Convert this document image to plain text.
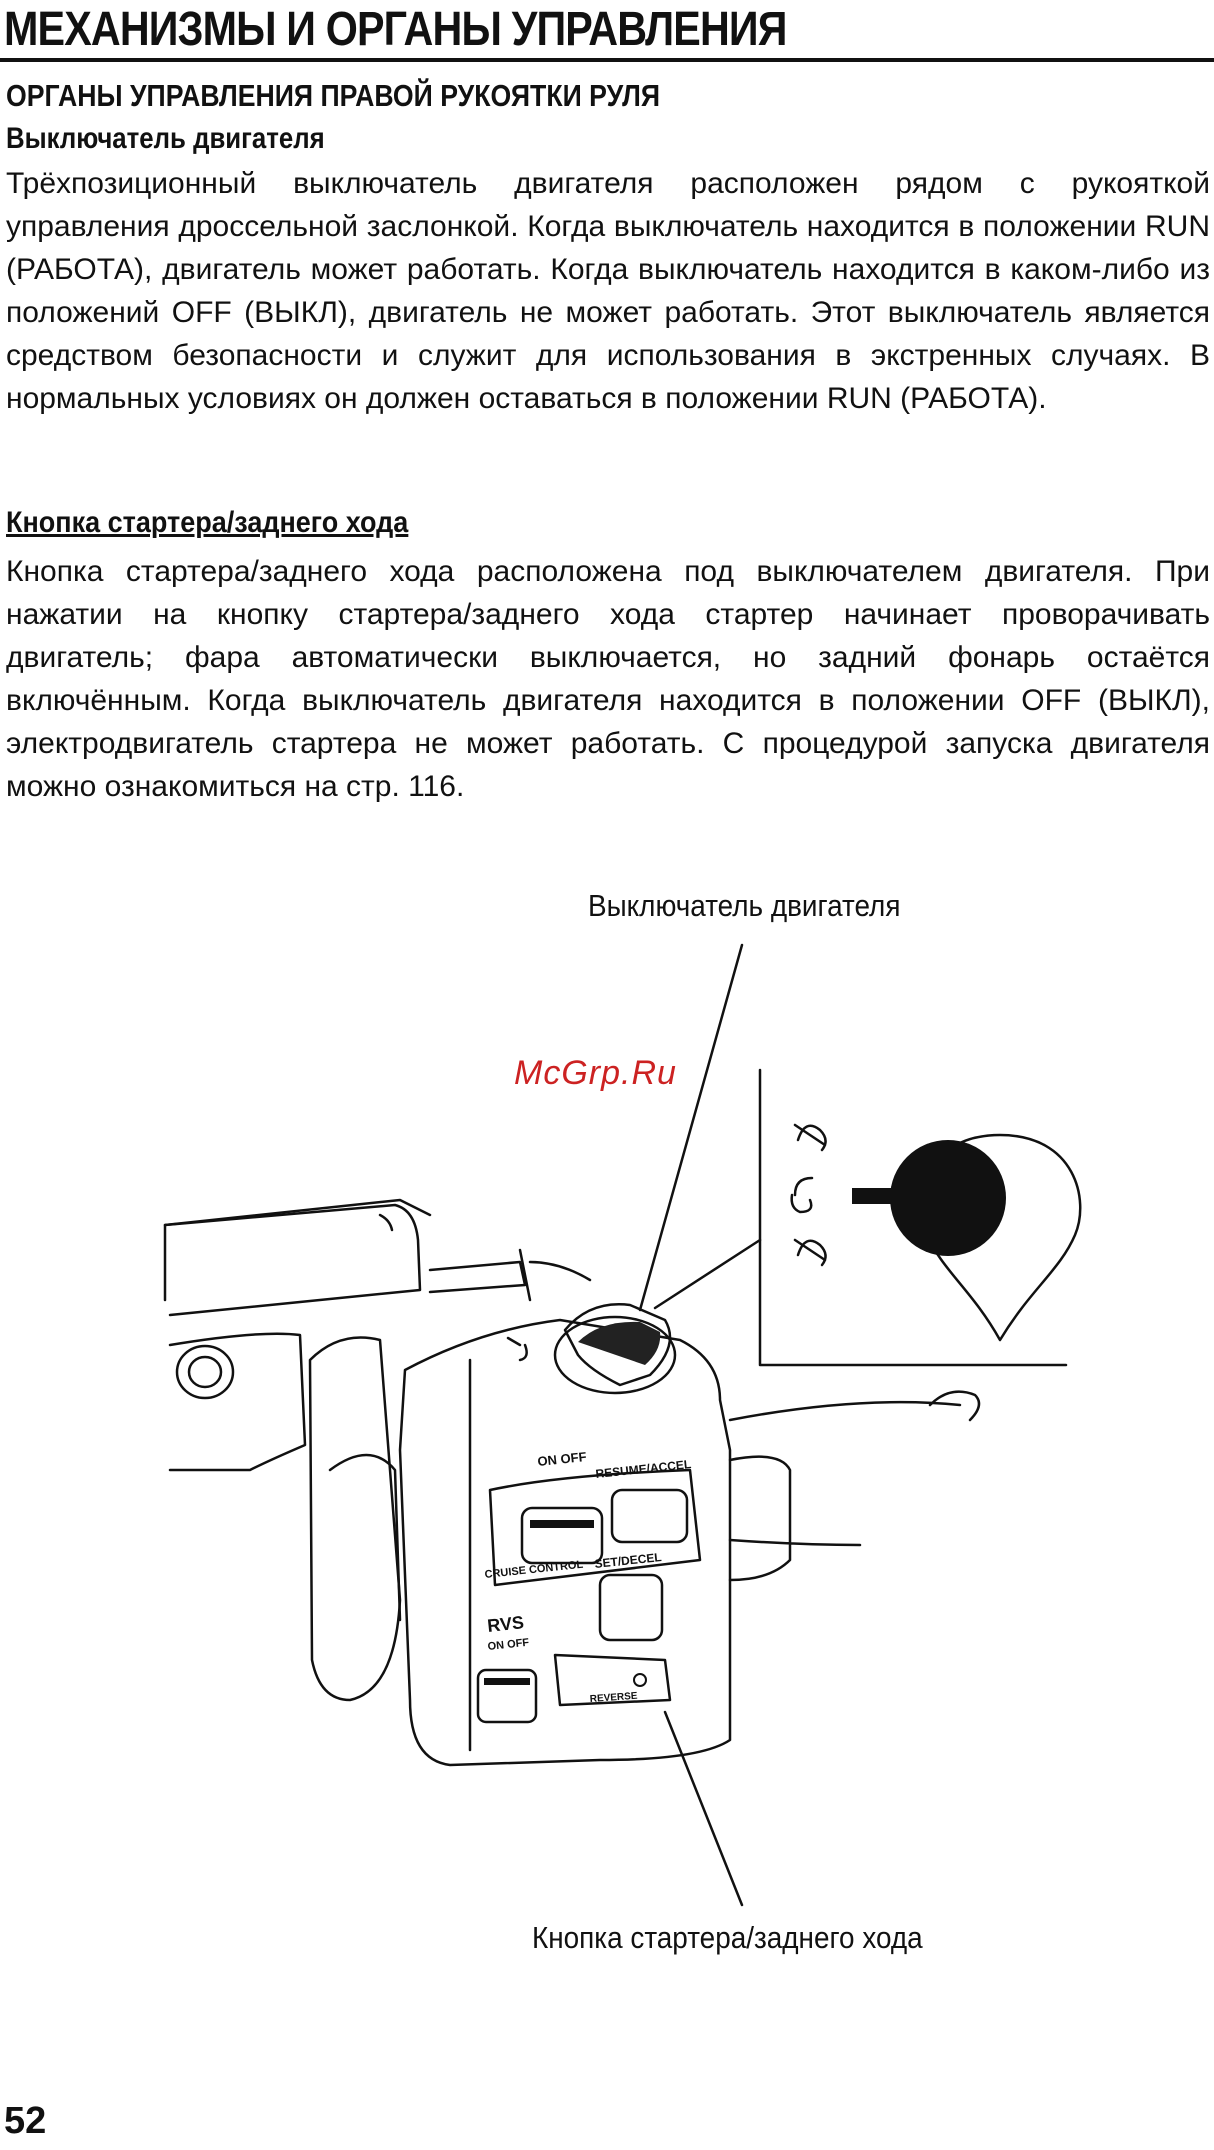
МЕХАНИЗМЫ И ОРГАНЫ УПРАВЛЕНИЯ
ОРГАНЫ УПРАВЛЕНИЯ ПРАВОЙ РУКОЯТКИ РУЛЯ
Выключатель двигателя

Трёхпозиционный выключатель двигателя расположен рядом с рукояткой управления дроссельной заслонкой. Когда выключатель находится в положении RUN (РАБОТА), двигатель может работать. Когда выключатель находится в каком-либо из положений OFF (ВЫКЛ), двигатель не может работать. Этот выключатель является средством безопасности и служит для использования в экстренных случаях. В нормальных условиях он должен оставаться в положении RUN (РАБОТА).

Кнопка стартера/заднего хода

Кнопка стартера/заднего хода расположена под выключателем двигателя. При нажатии на кнопку стартера/заднего хода стартер начинает проворачивать двигатель; фара автоматически выключается, но задний фонарь остаётся включённым. Когда выключатель двигателя находится в положении OFF (ВЫКЛ), электродвигатель стартера не может работать. С процедурой запуска двигателя можно ознакомиться на стр. 116.

ON OFF RESUME/ACCEL
CRUISE CONTROL SET/DECEL
RVS
ON OFF
REVERSE
Выключатель двигателя
Кнопка стартера/заднего хода
McGrp.Ru
52
